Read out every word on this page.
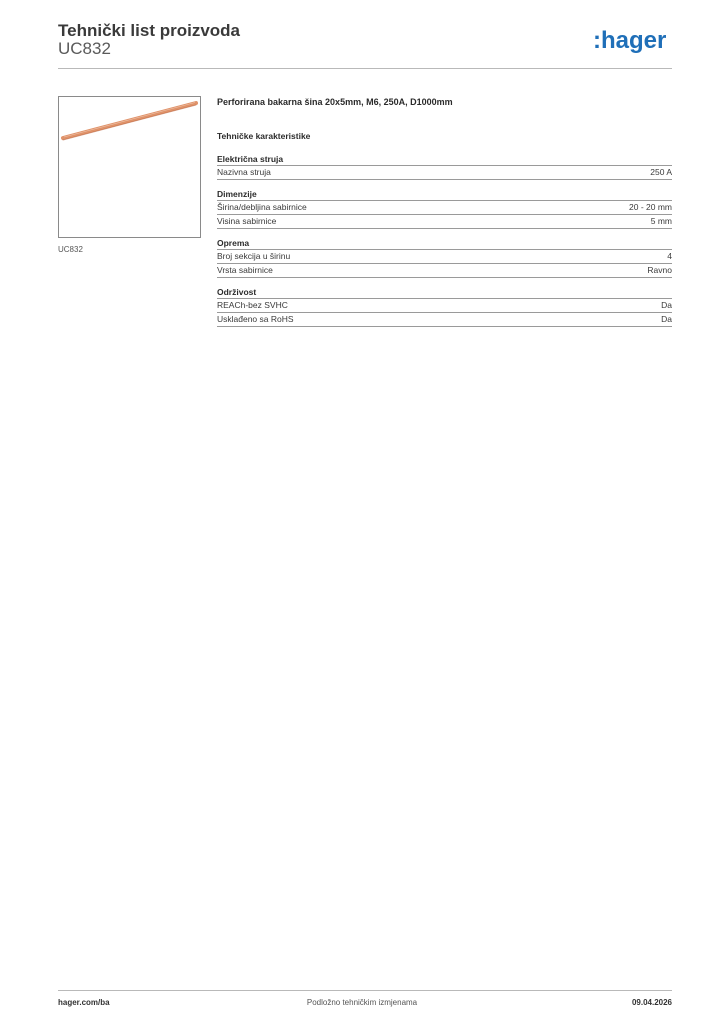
Tehnički list proizvoda
UC832	:hager
UC832
Perforirana bakarna šina 20x5mm, M6, 250A, D1000mm
Tehničke karakteristike
Električna struja
Nazivna struja	250 A
Dimenzije
Širina/debljina sabirnice	20 - 20 mm
Visina sabirnice	5 mm
Oprema
Broj sekcija u širinu	4
Vrsta sabirnice	Ravno
Održivost
REACh-bez SVHC	Da
Usklađeno sa RoHS	Da
hager.com/ba	Podložno tehničkim izmjenama	09.04.2026
